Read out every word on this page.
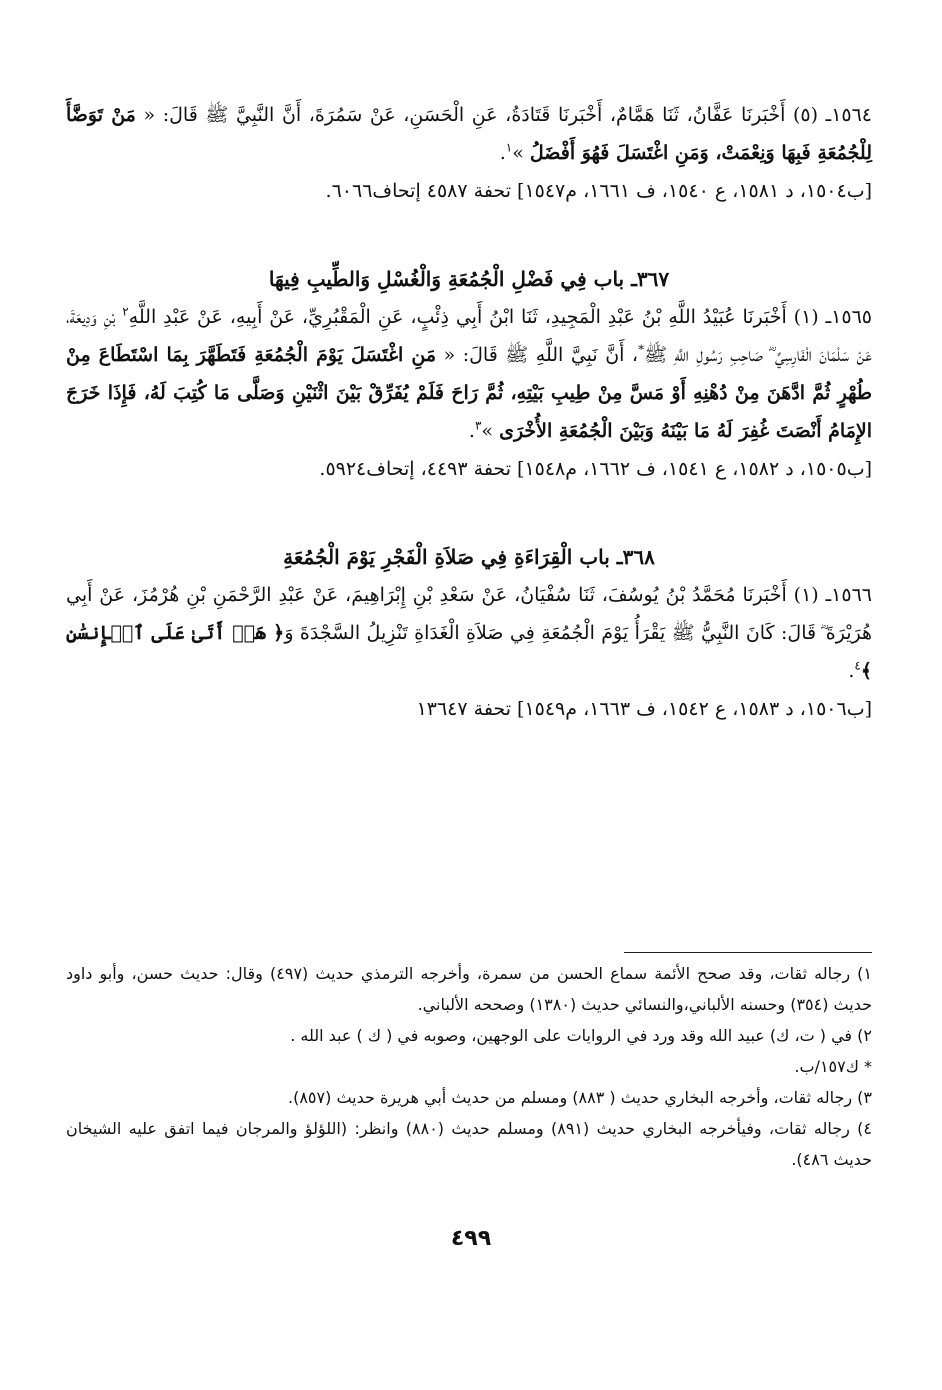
١٥٦٤ـ (٥) أَخْبَرنَا عَفَّانُ، ثَنَا هَمَّامٌ، أَخْبَرنَا قَتَادَةُ، عَنِ الْحَسَنِ، عَنْ سَمُرَةَ، أَنَّ النَّبِيَّ ﷺ قَالَ: « مَنْ تَوَضَّأَ لِلْجُمُعَةِ فَبِهَا وَنِعْمَتْ، وَمَنِ اغْتَسَلَ فَهُوَ أَفْضَلُ »$^١$.

[ب١٥٠٤، د ١٥٨١، ع ١٥٤٠، ف ١٦٦١، م١٥٤٧] تحفة ٤٥٨٧ إتحاف٦٠٦٦.

٣٦٧ـ باب فِي فَضْلِ الْجُمُعَةِ وَالْغُسْلِ وَالطِّيبِ فِيهَا

١٥٦٥ـ (١) أَخْبَرنَا عُبَيْدُ اللَّهِ بْنُ عَبْدِ الْمَجِيدِ، ثَنَا ابْنُ أَبِي ذِئْبٍ، عَنِ الْمَقْبُرِيِّ، عَنْ أَبِيهِ، عَنْ عَبْدِ اللَّهِ$^٢$ بْنِ وَدِيعَةَ، عَنْ سَلْمَانَ الْفَارِسِيِّ ؓ صَاحِبِ رَسُولِ اللَّهِ ﷺ*، أَنَّ نَبِيَّ اللَّهِ ﷺ قَالَ: « مَنِ اغْتَسَلَ يَوْمَ الْجُمُعَةِ فَتَطَهَّرَ بِمَا اسْتَطَاعَ مِنْ طُهْرٍ ثُمَّ ادَّهَنَ مِنْ دُهْنِهِ أَوْ مَسَّ مِنْ طِيبِ بَيْتِهِ، ثُمَّ رَاحَ فَلَمْ يُفَرِّقْ بَيْنَ اثْنَيْنِ وَصَلَّى مَا كُتِبَ لَهُ، فَإِذَا خَرَجَ الإِمَامُ أَنْصَتَ غُفِرَ لَهُ مَا بَيْنَهُ وَبَيْنَ الْجُمُعَةِ الأُخْرَى »$^٣$.

[ب١٥٠٥، د ١٥٨٢، ع ١٥٤١، ف ١٦٦٢، م١٥٤٨] تحفة ٤٤٩٣، إتحاف٥٩٢٤.

٣٦٨ـ باب الْقِرَاءَةِ فِي صَلاَةِ الْفَجْرِ يَوْمَ الْجُمُعَةِ

١٥٦٦ـ (١) أَخْبَرنَا مُحَمَّدُ بْنُ يُوسُفَ، ثَنَا سُفْيَانُ، عَنْ سَعْدِ بْنِ إِبْرَاهِيمَ، عَنْ عَبْدِ الرَّحْمَنِ بْنِ هُرْمُزَ، عَنْ أَبِي هُرَيْرَةَ ؓ قَالَ: كَانَ النَّبِيُّ ﷺ يَقْرَأُ يَوْمَ الْجُمُعَةِ فِي صَلاَةِ الْغَدَاةِ تَنْزِيلُ السَّجْدَةَ وَ﴿ هَلۡ أَتَىٰ عَلَى ٱلۡإِنسَٰنِ ﴾$^٤$.

[ب١٥٠٦، د ١٥٨٣، ع ١٥٤٢، ف ١٦٦٣، م١٥٤٩] تحفة ١٣٦٤٧

١) رجاله ثقات، وقد صحح الأئمة سماع الحسن من سمرة، وأخرجه الترمذي حديث (٤٩٧) وقال: حديث حسن، وأبو داود حديث (٣٥٤) وحسنه الألباني،والنسائي حديث (١٣٨٠) وصححه الألباني.

٢) في ( ت، ك) عبيد الله وقد ورد في الروايات على الوجهين، وصوبه في ( ك ) عبد الله .

* ك١٥٧/ب.

٣) رجاله ثقات، وأخرجه البخاري حديث ( ٨٨٣) ومسلم من حديث أبي هريرة حديث (٨٥٧).

٤) رجاله ثقات، وفيأخرجه البخاري حديث (٨٩١) ومسلم حديث (٨٨٠) وانظر: (اللؤلؤ والمرجان فيما اتفق عليه الشيخان حديث ٤٨٦).

٤٩٩
